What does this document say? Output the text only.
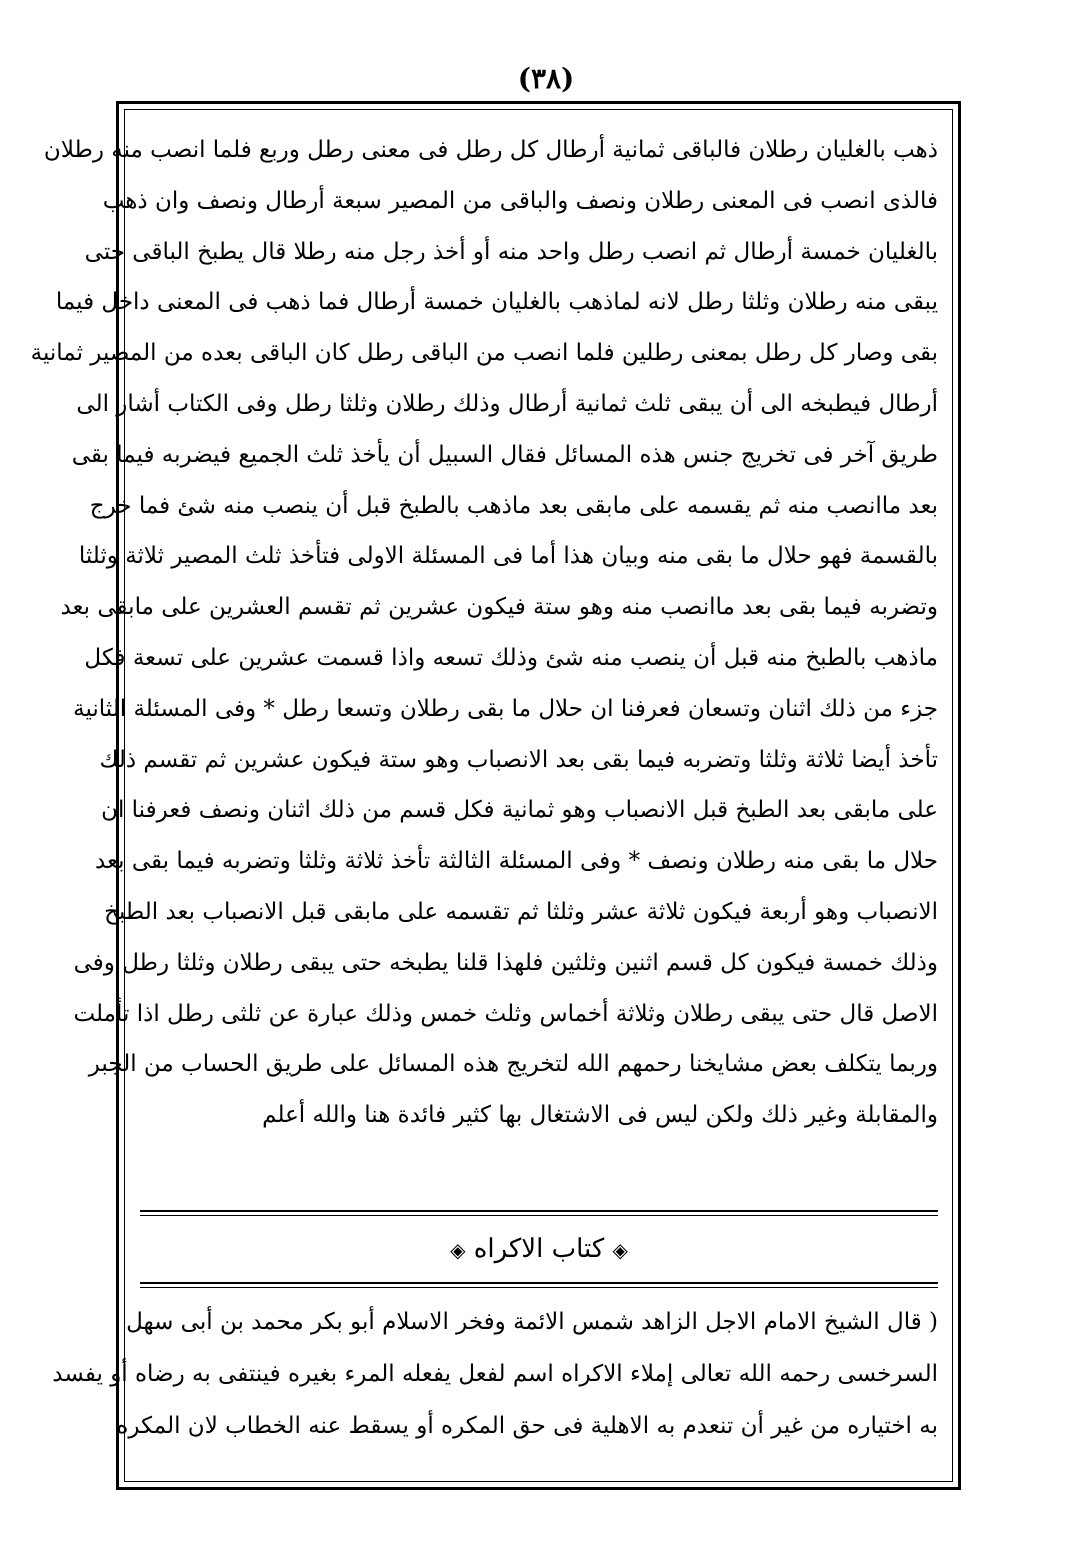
(٣٨)
ذهب بالغليان رطلان فالباقى ثمانية أرطال كل رطل فى معنى رطل وربع فلما انصب منه رطلان
فالذى انصب فى المعنى رطلان ونصف والباقى من المصير سبعة أرطال ونصف وان ذهب
بالغليان خمسة أرطال ثم انصب رطل واحد منه أو أخذ رجل منه رطلا قال يطبخ الباقى حتى
يبقى منه رطلان وثلثا رطل لانه لماذهب بالغليان خمسة أرطال فما ذهب فى المعنى داخل فيما
بقى وصار كل رطل بمعنى رطلين فلما انصب من الباقى رطل كان الباقى بعده من المصير ثمانية
أرطال فيطبخه الى أن يبقى ثلث ثمانية أرطال وذلك رطلان وثلثا رطل وفى الكتاب أشار الى
طريق آخر فى تخريج جنس هذه المسائل فقال السبيل أن يأخذ ثلث الجميع فيضربه فيما بقى
بعد ماانصب منه ثم يقسمه على مابقى بعد ماذهب بالطبخ قبل أن ينصب منه شئ فما خرج
بالقسمة فهو حلال ما بقى منه وبيان هذا أما فى المسئلة الاولى فتأخذ ثلث المصير ثلاثة وثلثا
وتضربه فيما بقى بعد ماانصب منه وهو ستة فيكون عشرين ثم تقسم العشرين على مابقى بعد
ماذهب بالطبخ منه قبل أن ينصب منه شئ وذلك تسعه واذا قسمت عشرين على تسعة فكل
جزء من ذلك اثنان وتسعان فعرفنا ان حلال ما بقى رطلان وتسعا رطل * وفى المسئلة الثانية
تأخذ أيضا ثلاثة وثلثا وتضربه فيما بقى بعد الانصباب وهو ستة فيكون عشرين ثم تقسم ذلك
على مابقى بعد الطبخ قبل الانصباب وهو ثمانية فكل قسم من ذلك اثنان ونصف فعرفنا ان
حلال ما بقى منه رطلان ونصف * وفى المسئلة الثالثة تأخذ ثلاثة وثلثا وتضربه فيما بقى بعد
الانصباب وهو أربعة فيكون ثلاثة عشر وثلثا ثم تقسمه على مابقى قبل الانصباب بعد الطبخ
وذلك خمسة فيكون كل قسم اثنين وثلثين فلهذا قلنا يطبخه حتى يبقى رطلان وثلثا رطل وفى
الاصل قال حتى يبقى رطلان وثلاثة أخماس وثلث خمس وذلك عبارة عن ثلثى رطل اذا تأملت
وربما يتكلف بعض مشايخنا رحمهم الله لتخريج هذه المسائل على طريق الحساب من الجبر
والمقابلة وغير ذلك ولكن ليس فى الاشتغال بها كثير فائدة هنا والله أعلم
◈ كتاب الاكراه ◈
( قال الشيخ الامام الاجل الزاهد شمس الائمة وفخر الاسلام أبو بكر محمد بن أبى سهل
السرخسى رحمه الله تعالى إملاء الاكراه اسم لفعل يفعله المرء بغيره فينتفى به رضاه أو يفسد
به اختياره من غير أن تنعدم به الاهلية فى حق المكره أو يسقط عنه الخطاب لان المكره
